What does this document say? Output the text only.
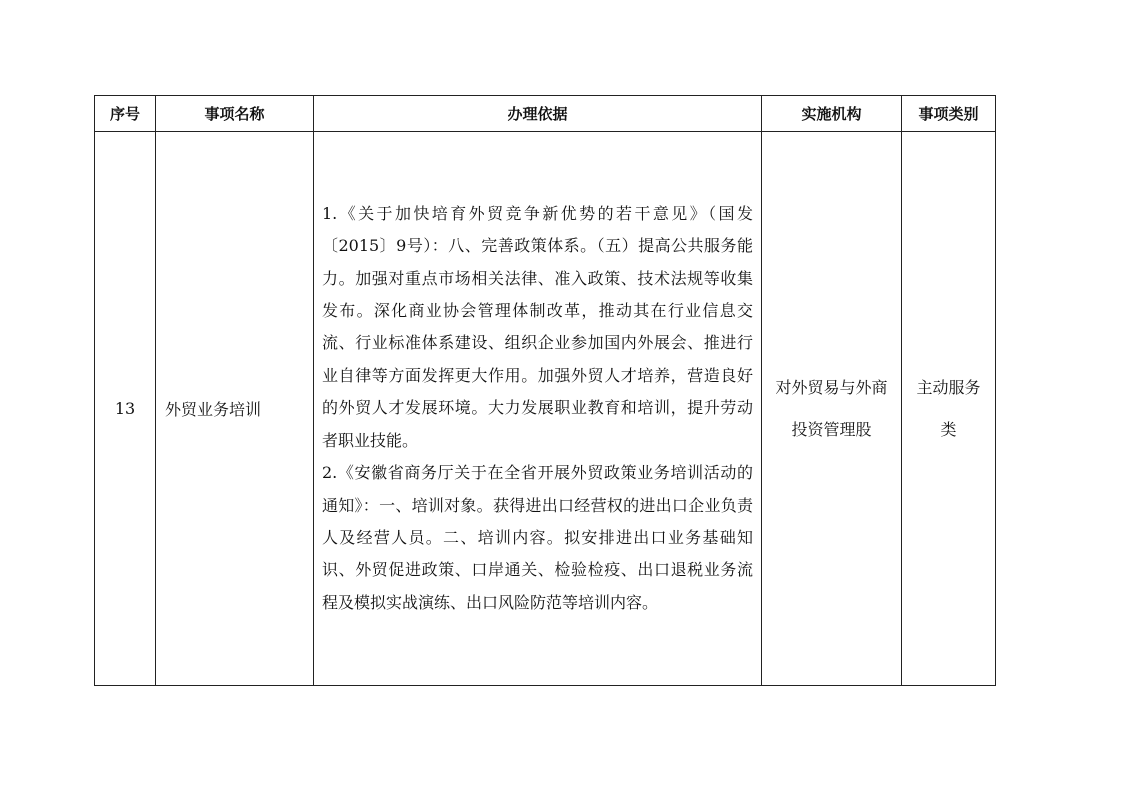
序号	事项名称	办理依据	实施机构	事项类别
13	外贸业务培训	1.《关于加快培育外贸竞争新优势的若干意见》（国发〔2015〕9号）：八、完善政策体系。（五）提高公共服务能力。加强对重点市场相关法律、准入政策、技术法规等收集发布。深化商业协会管理体制改革，推动其在行业信息交流、行业标准体系建设、组织企业参加国内外展会、推进行业自律等方面发挥更大作用。加强外贸人才培养，营造良好的外贸人才发展环境。大力发展职业教育和培训，提升劳动者职业技能。

2.《安徽省商务厅关于在全省开展外贸政策业务培训活动的通知》：一、培训对象。获得进出口经营权的进出口企业负责人及经营人员。二、培训内容。拟安排进出口业务基础知识、外贸促进政策、口岸通关、检验检疫、出口退税业务流程及模拟实战演练、出口风险防范等培训内容。	对外贸易与外商投资管理股	主动服务类
